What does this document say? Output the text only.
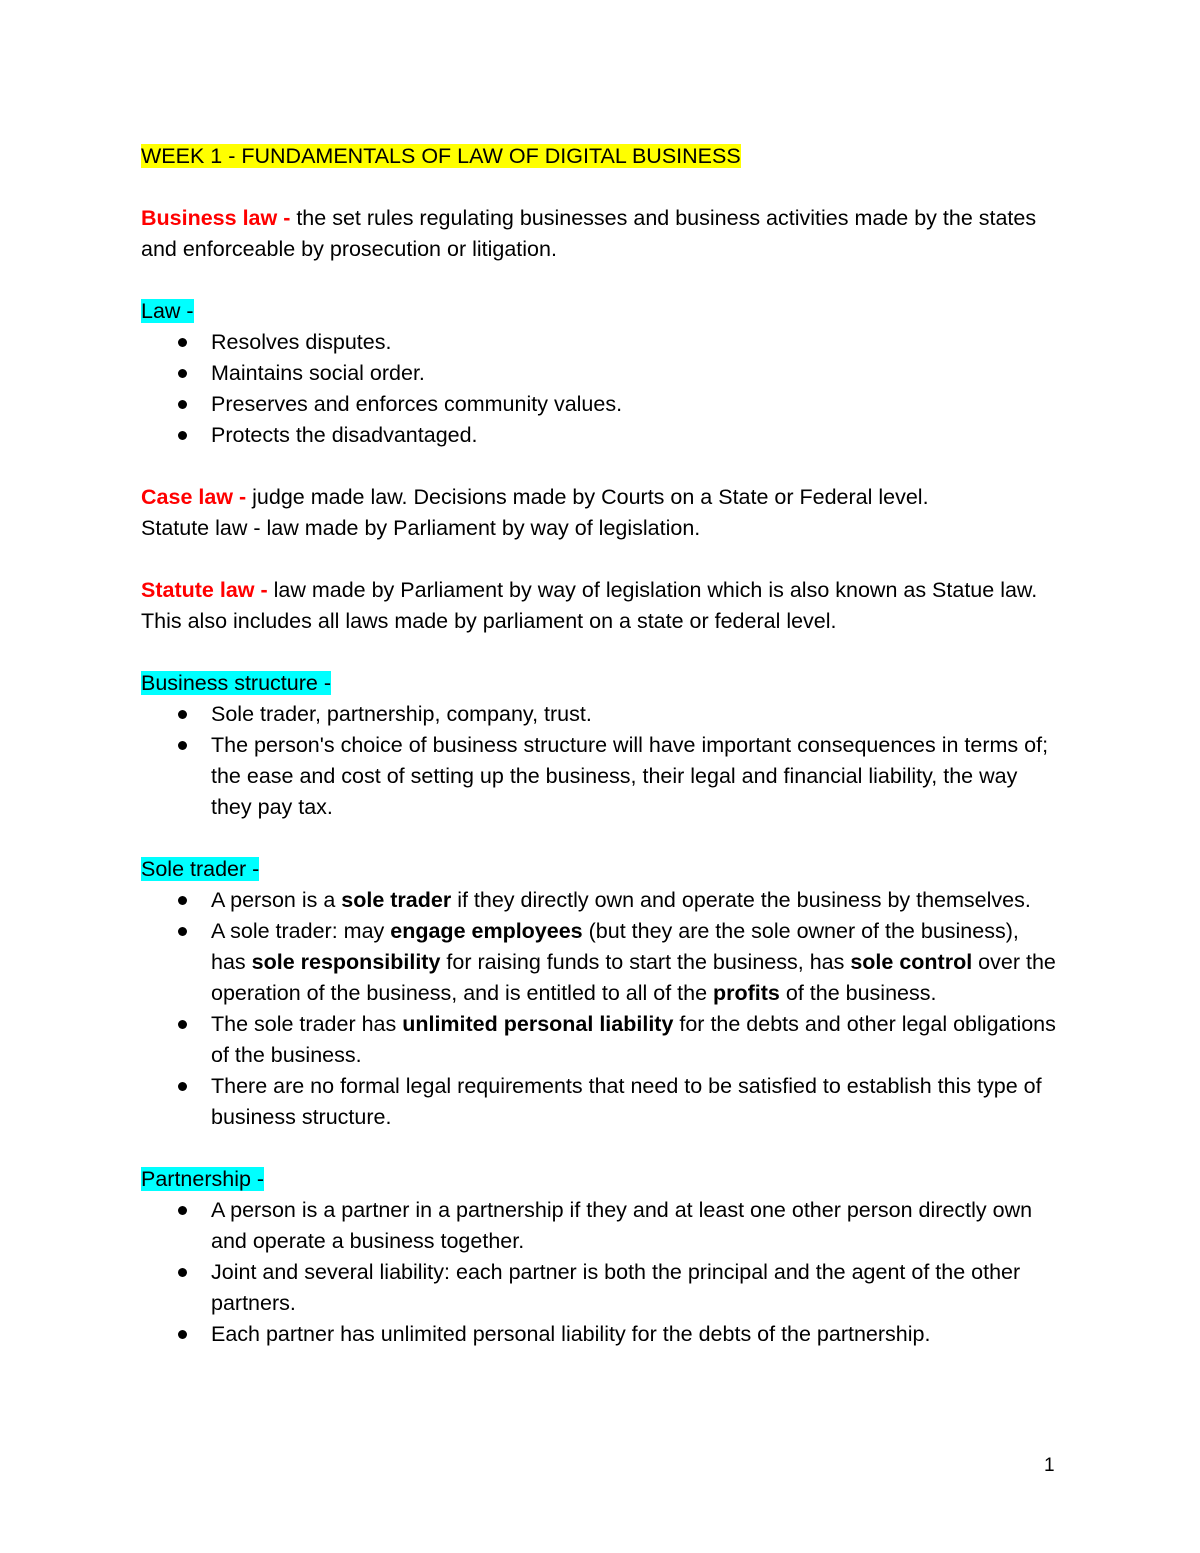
WEEK 1 - FUNDAMENTALS OF LAW OF DIGITAL BUSINESS

Business law - the set rules regulating businesses and business activities made by the states and enforceable by prosecution or litigation.

Law -

Resolves disputes.
Maintains social order.
Preserves and enforces community values.
Protects the disadvantaged.

Case law - judge made law. Decisions made by Courts on a State or Federal level.

Statute law - law made by Parliament by way of legislation.

Statute law - law made by Parliament by way of legislation which is also known as Statue law. This also includes all laws made by parliament on a state or federal level.

Business structure -

Sole trader, partnership, company, trust.
The person's choice of business structure will have important consequences in terms of; the ease and cost of setting up the business, their legal and financial liability, the way they pay tax.

Sole trader -

A person is a sole trader if they directly own and operate the business by themselves.
A sole trader: may engage employees (but they are the sole owner of the business), has sole responsibility for raising funds to start the business, has sole control over the operation of the business, and is entitled to all of the profits of the business.
The sole trader has unlimited personal liability for the debts and other legal obligations of the business.
There are no formal legal requirements that need to be satisfied to establish this type of business structure.

Partnership -

A person is a partner in a partnership if they and at least one other person directly own and operate a business together.
Joint and several liability: each partner is both the principal and the agent of the other partners.
Each partner has unlimited personal liability for the debts of the partnership.
1
